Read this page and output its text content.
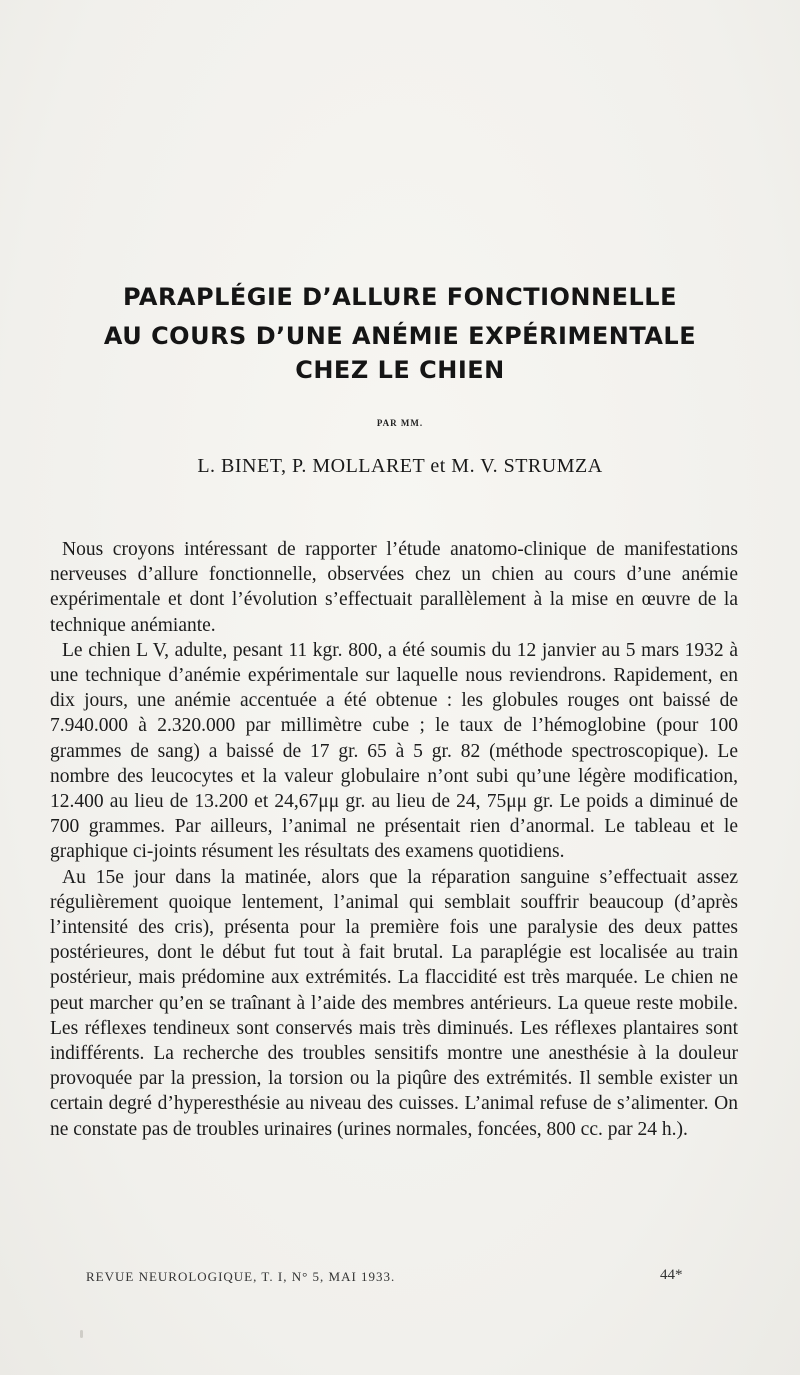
PARAPLÉGIE D’ALLURE FONCTIONNELLE
AU COURS D’UNE ANÉMIE EXPÉRIMENTALE
CHEZ LE CHIEN
PAR MM.
L. BINET, P. MOLLARET et M. V. STRUMZA

Nous croyons intéressant de rapporter l’étude anatomo-clinique de manifestations nerveuses d’allure fonctionnelle, observées chez un chien au cours d’une anémie expérimentale et dont l’évolution s’effectuait parallèlement à la mise en œuvre de la technique anémiante.

Le chien L V, adulte, pesant 11 kgr. 800, a été soumis du 12 janvier au 5 mars 1932 à une technique d’anémie expérimentale sur laquelle nous reviendrons. Rapidement, en dix jours, une anémie accentuée a été obtenue : les globules rouges ont baissé de 7.940.000 à 2.320.000 par millimètre cube ; le taux de l’hémoglobine (pour 100 grammes de sang) a baissé de 17 gr. 65 à 5 gr. 82 (méthode spectroscopique). Le nombre des leucocytes et la valeur globulaire n’ont subi qu’une légère modification, 12.400 au lieu de 13.200 et 24,67μμ gr. au lieu de 24, 75μμ gr. Le poids a diminué de 700 grammes. Par ailleurs, l’animal ne présentait rien d’anormal. Le tableau et le graphique ci-joints résument les résultats des examens quotidiens.

Au 15e jour dans la matinée, alors que la réparation sanguine s’effectuait assez régulièrement quoique lentement, l’animal qui semblait souffrir beaucoup (d’après l’intensité des cris), présenta pour la première fois une paralysie des deux pattes postérieures, dont le début fut tout à fait brutal. La paraplégie est localisée au train postérieur, mais prédomine aux extrémités. La flaccidité est très marquée. Le chien ne peut marcher qu’en se traînant à l’aide des membres antérieurs. La queue reste mobile. Les réflexes tendineux sont conservés mais très diminués. Les réflexes plantaires sont indifférents. La recherche des troubles sensitifs montre une anesthésie à la douleur provoquée par la pression, la torsion ou la piqûre des extrémités. Il semble exister un certain degré d’hyperesthésie au niveau des cuisses. L’animal refuse de s’alimenter. On ne constate pas de troubles urinaires (urines normales, foncées, 800 cc. par 24 h.).

REVUE NEUROLOGIQUE, T. I, N° 5, MAI 1933.	44*
